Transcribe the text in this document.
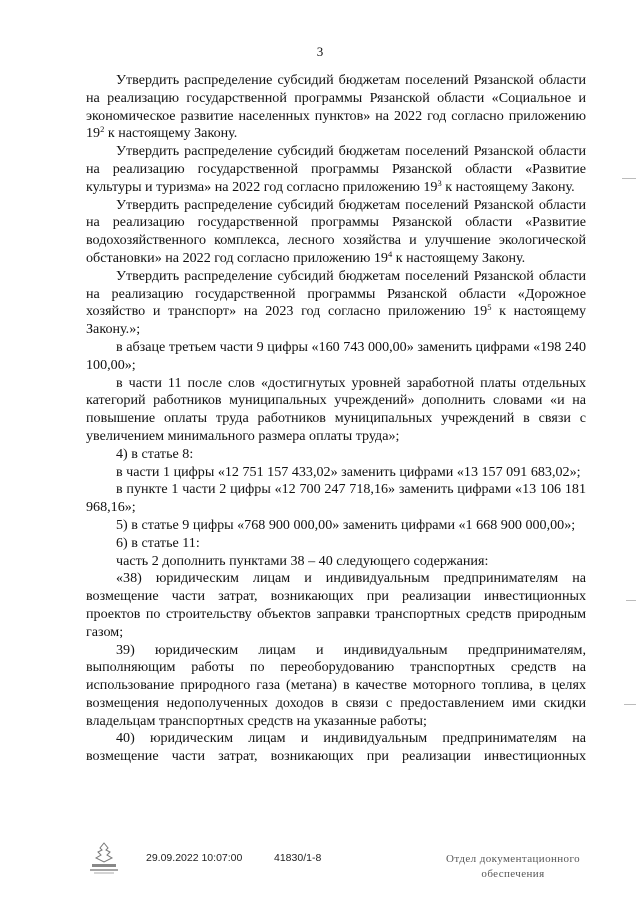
3

Утвердить распределение субсидий бюджетам поселений Рязанской области на реализацию государственной программы Рязанской области «Социальное и экономическое развитие населенных пунктов» на 2022 год согласно приложению $19^2$ к настоящему Закону.

Утвердить распределение субсидий бюджетам поселений Рязанской области на реализацию государственной программы Рязанской области «Развитие культуры и туризма» на 2022 год согласно приложению $19^3$ к настоящему Закону.

Утвердить распределение субсидий бюджетам поселений Рязанской области на реализацию государственной программы Рязанской области «Развитие водохозяйственного комплекса, лесного хозяйства и улучшение экологической обстановки» на 2022 год согласно приложению $19^4$ к настоящему Закону.

Утвердить распределение субсидий бюджетам поселений Рязанской области на реализацию государственной программы Рязанской области «Дорожное хозяйство и транспорт» на 2023 год согласно приложению $19^5$ к настоящему Закону.»;

в абзаце третьем части 9 цифры «160 743 000,00» заменить цифрами «198 240 100,00»;

в части 11 после слов «достигнутых уровней заработной платы отдельных категорий работников муниципальных учреждений» дополнить словами «и на повышение оплаты труда работников муниципальных учреждений в связи с увеличением минимального размера оплаты труда»;

4) в статье 8:

в части 1 цифры «12 751 157 433,02» заменить цифрами «13 157 091 683,02»;

в пункте 1 части 2 цифры «12 700 247 718,16» заменить цифрами «13 106 181 968,16»;

5) в статье 9 цифры «768 900 000,00» заменить цифрами «1 668 900 000,00»;

6) в статье 11:

часть 2 дополнить пунктами 38 – 40 следующего содержания:

«38) юридическим лицам и индивидуальным предпринимателям на возмещение части затрат, возникающих при реализации инвестиционных проектов по строительству объектов заправки транспортных средств природным газом;

39) юридическим лицам и индивидуальным предпринимателям, выполняющим работы по переоборудованию транспортных средств на использование природного газа (метана) в качестве моторного топлива, в целях возмещения недополученных доходов в связи с предоставлением ими скидки владельцам транспортных средств на указанные работы;

40) юридическим лицам и индивидуальным предпринимателям на возмещение части затрат, возникающих при реализации инвестиционных

29.09.2022 10:07:00	41830/1-8	Отдел документационного
обеспечения
